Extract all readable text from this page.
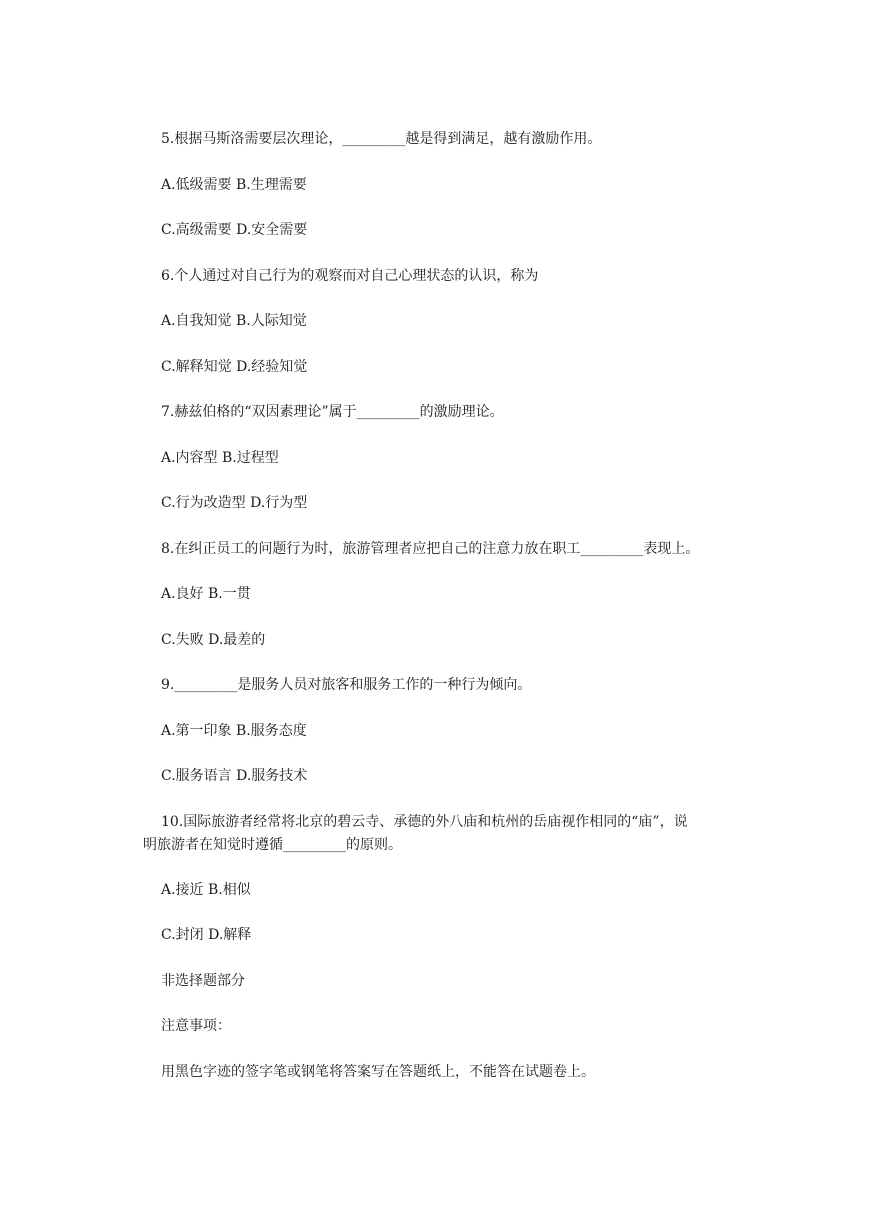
5.根据马斯洛需要层次理论，_________越是得到满足，越有激励作用。

A.低级需要 B.生理需要

C.高级需要 D.安全需要

6.个人通过对自己行为的观察而对自己心理状态的认识，称为

A.自我知觉 B.人际知觉

C.解释知觉 D.经验知觉

7.赫兹伯格的“双因素理论”属于_________的激励理论。

A.内容型 B.过程型

C.行为改造型 D.行为型

8.在纠正员工的问题行为时，旅游管理者应把自己的注意力放在职工_________表现上。

A.良好 B.一贯

C.失败 D.最差的

9._________是服务人员对旅客和服务工作的一种行为倾向。

A.第一印象 B.服务态度

C.服务语言 D.服务技术

10.国际旅游者经常将北京的碧云寺、承德的外八庙和杭州的岳庙视作相同的“庙”，说

明旅游者在知觉时遵循_________的原则。

A.接近 B.相似

C.封闭 D.解释

非选择题部分

注意事项：

用黑色字迹的签字笔或钢笔将答案写在答题纸上，不能答在试题卷上。
